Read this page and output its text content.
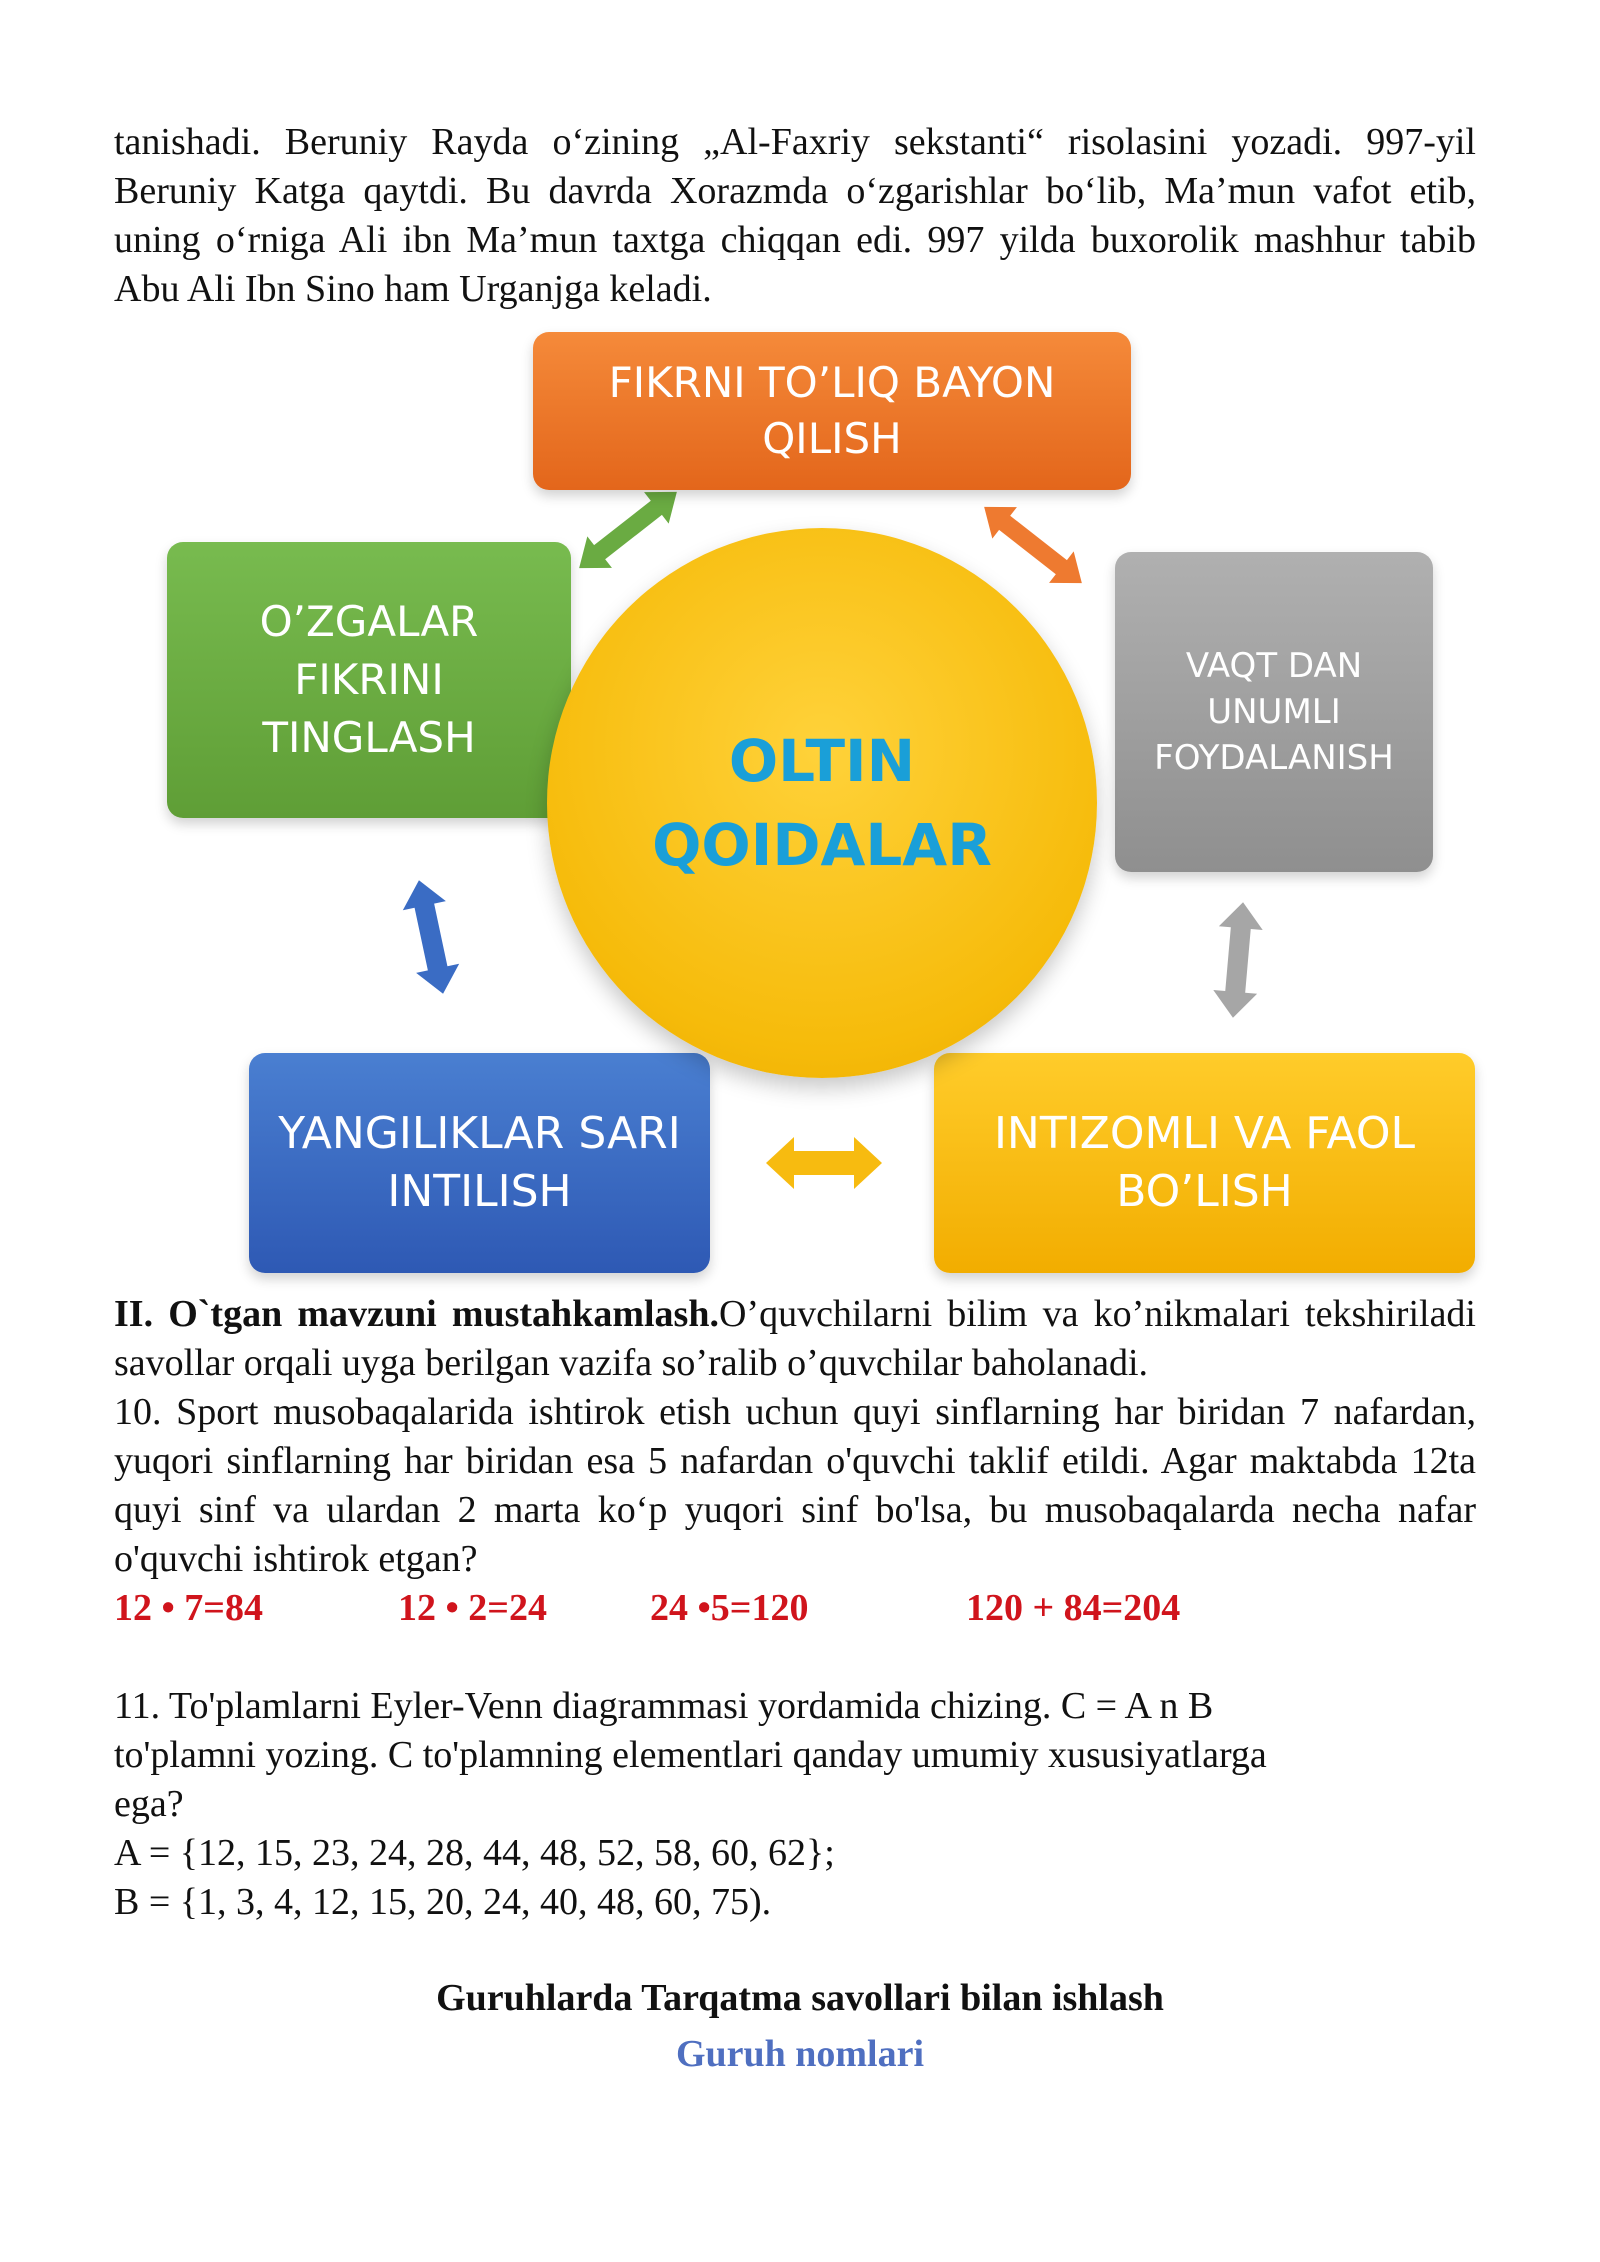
tanishadi. Beruniy Rayda o‘zining „Al-Faxriy sekstanti“ risolasini yozadi. 997-yil Beruniy Katga qaytdi. Bu davrda Xorazmda o‘zgarishlar bo‘lib, Ma’mun vafot etib, uning o‘rniga Ali ibn Ma’mun taxtga chiqqan edi. 997 yilda buxorolik mashhur tabib Abu Ali Ibn Sino ham Urganjga keladi.

FIKRNI TO’LIQ BAYON
QILISH
O’ZGALAR
FIKRINI
TINGLASH
VAQT DAN
UNUMLI
FOYDALANISH
YANGILIKLAR SARI
INTILISH
INTIZOMLI VA FAOL
BO’LISH
OLTIN
QOIDALAR

II. O`tgan mavzuni mustahkamlash.O’quvchilarni bilim va ko’nikmalari tekshiriladi savollar orqali uyga berilgan vazifa so’ralib o’quvchilar baholanadi.

10. Sport musobaqalarida ishtirok etish uchun quyi sinflarning har biridan 7 nafardan, yuqori sinflarning har biridan esa 5 nafardan o'quvchi taklif etildi. Agar maktabda 12ta quyi sinf va ulardan 2 marta ko‘p yuqori sinf bo'lsa, bu musobaqalarda necha nafar o'quvchi ishtirok etgan?

12 • 7=84	12 • 2=24	24 •5=120	120 + 84=204

11. To'plamlarni Eyler-Venn diagrammasi yordamida chizing. C = A n B

to'plamni yozing. C to'plamning elementlari qanday umumiy xususiyatlarga

ega?

A = {12, 15, 23, 24, 28, 44, 48, 52, 58, 60, 62};

B = {1, 3, 4, 12, 15, 20, 24, 40, 48, 60, 75).

Guruhlarda Tarqatma savollari bilan ishlash

Guruh nomlari
